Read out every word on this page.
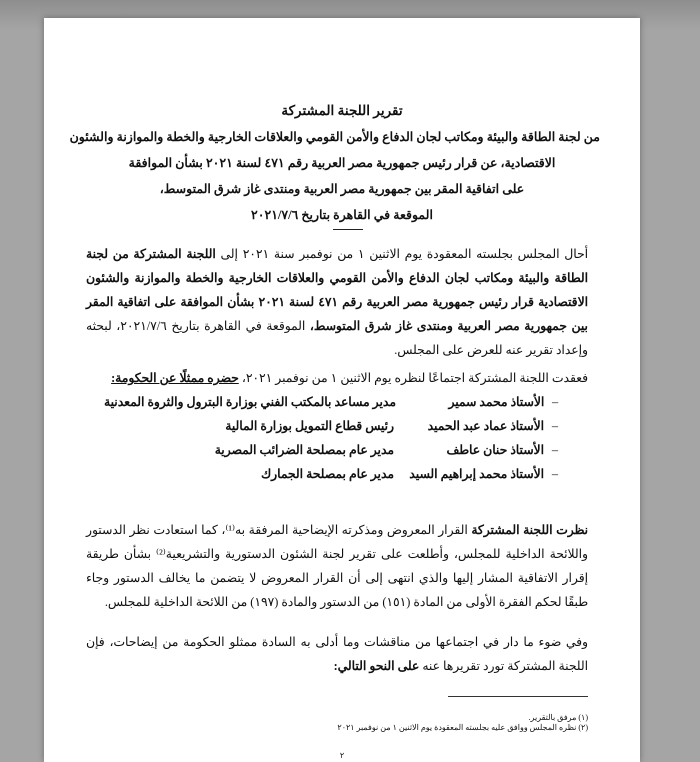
تقرير اللجنة المشتركة
من لجنة الطاقة والبيئة ومكاتب لجان الدفاع والأمن القومي والعلاقات الخارجية والخطة والموازنة والشئون
الاقتصادية، عن قرار رئيس جمهورية مصر العربية رقم ٤٧١ لسنة ٢٠٢١ بشأن الموافقة
على اتفاقية المقر بين جمهورية مصر العربية ومنتدى غاز شرق المتوسط،
الموقعة في القاهرة بتاريخ ٢٠٢١/٧/٦
أحال المجلس بجلسته المعقودة يوم الاثنين ١ من نوفمبر سنة ٢٠٢١ إلى اللجنة المشتركة من لجنة الطاقة والبيئة ومكاتب لجان الدفاع والأمن القومي والعلاقات الخارجية والخطة والموازنة والشئون الاقتصادية قرار رئيس جمهورية مصر العربية رقم ٤٧١ لسنة ٢٠٢١ بشأن الموافقة على اتفاقية المقر بين جمهورية مصر العربية ومنتدى غاز شرق المتوسط، الموقعة في القاهرة بتاريخ ٢٠٢١/٧/٦، لبحثه وإعداد تقرير عنه للعرض على المجلس.
فعقدت اللجنة المشتركة اجتماعًا لنظره يوم الاثنين ١ من نوفمبر ٢٠٢١، حضره ممثلًا عن الحكومة:
–
الأستاذ محمد سمير
مدير مساعد بالمكتب الفني بوزارة البترول والثروة المعدنية
–
الأستاذ عماد عبد الحميد
رئيس قطاع التمويل بوزارة المالية
–
الأستاذ حنان عاطف
مدير عام بمصلحة الضرائب المصرية
–
الأستاذ محمد إبراهيم السيد
مدير عام بمصلحة الجمارك
نظرت اللجنة المشتركة القرار المعروض ومذكرته الإيضاحية المرفقة به⁽¹⁾، كما استعادت نظر الدستور واللائحة الداخلية للمجلس، وأطلعت على تقرير لجنة الشئون الدستورية والتشريعية⁽²⁾ بشأن طريقة إقرار الاتفاقية المشار إليها والذي انتهى إلى أن القرار المعروض لا يتضمن ما يخالف الدستور وجاء طبقًا لحكم الفقرة الأولى من المادة (١٥١) من الدستور والمادة (١٩٧) من اللائحة الداخلية للمجلس.
وفي ضوء ما دار في اجتماعها من مناقشات وما أدلى به السادة ممثلو الحكومة من إيضاحات، فإن اللجنة المشتركة تورد تقريرها عنه على النحو التالي:
(١) مرفق بالتقرير.
(٢) نظره المجلس ووافق عليه بجلسته المعقودة يوم الاثنين ١ من نوفمبر ٢٠٢١
٢
